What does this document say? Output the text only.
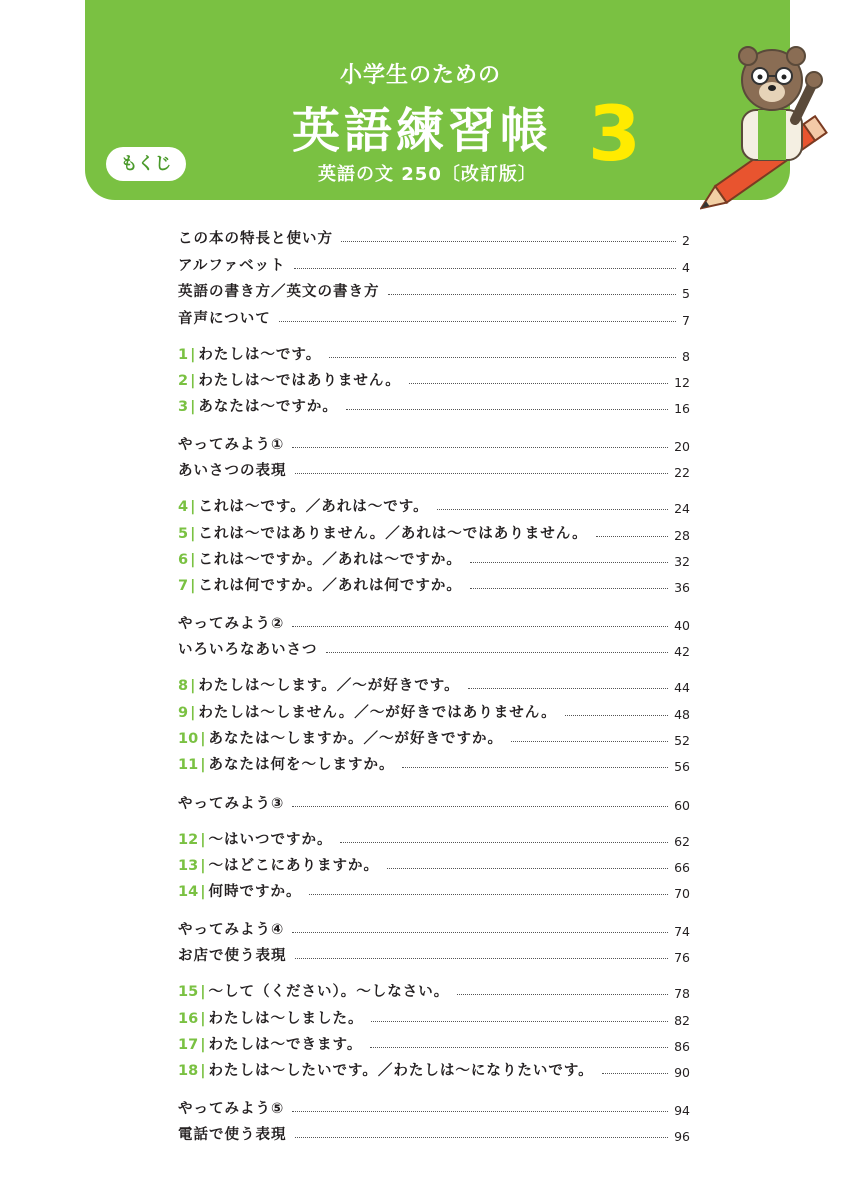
小学生のための
英語練習帳 3
英語の文 250〔改訂版〕
もくじ
この本の特長と使い方	2
アルファベット	4
英語の書き方／英文の書き方	5
音声について	7
1 | わたしは～です。	8
2 | わたしは～ではありません。	12
3 | あなたは～ですか。	16
やってみよう①	20
あいさつの表現	22
4 | これは～です。／あれは～です。	24
5 | これは～ではありません。／あれは～ではありません。	28
6 | これは～ですか。／あれは～ですか。	32
7 | これは何ですか。／あれは何ですか。	36
やってみよう②	40
いろいろなあいさつ	42
8 | わたしは～します。／～が好きです。	44
9 | わたしは～しません。／～が好きではありません。	48
10 | あなたは～しますか。／～が好きですか。	52
11 | あなたは何を～しますか。	56
やってみよう③	60
12 | ～はいつですか。	62
13 | ～はどこにありますか。	66
14 | 何時ですか。	70
やってみよう④	74
お店で使う表現	76
15 | ～して（ください）。～しなさい。	78
16 | わたしは～しました。	82
17 | わたしは～できます。	86
18 | わたしは～したいです。／わたしは～になりたいです。	90
やってみよう⑤	94
電話で使う表現	96
